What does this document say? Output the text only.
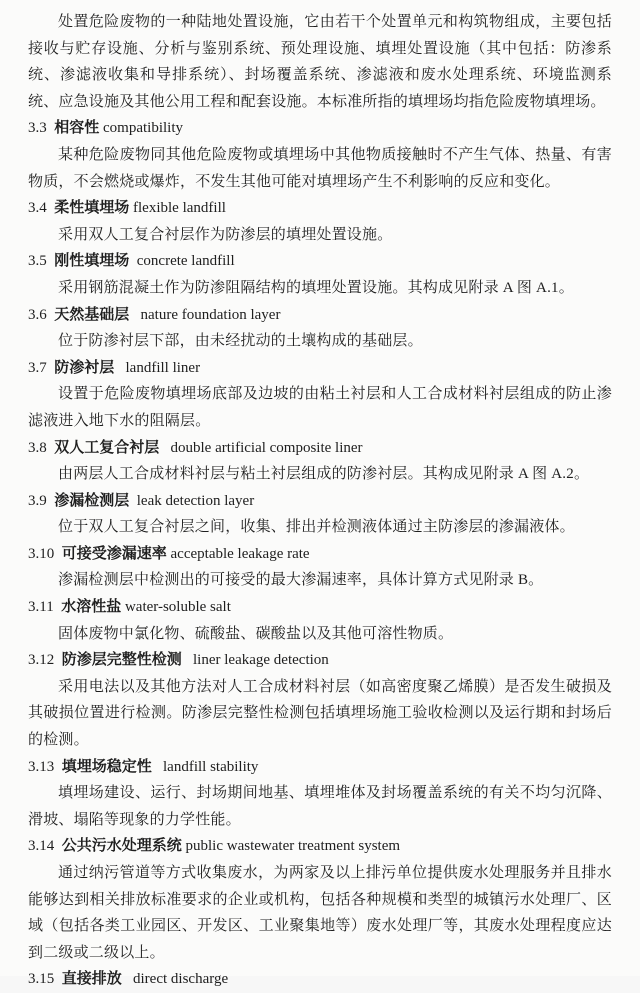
处置危险废物的一种陆地处置设施，它由若干个处置单元和构筑物组成，主要包括接收与贮存设施、分析与鉴别系统、预处理设施、填埋处置设施（其中包括：防渗系统、渗滤液收集和导排系统）、封场覆盖系统、渗滤液和废水处理系统、环境监测系统、应急设施及其他公用工程和配套设施。本标准所指的填埋场均指危险废物填埋场。

3.3 相容性 compatibility

某种危险废物同其他危险废物或填埋场中其他物质接触时不产生气体、热量、有害物质，不会燃烧或爆炸，不发生其他可能对填埋场产生不利影响的反应和变化。

3.4 柔性填埋场 flexible landfill

采用双人工复合衬层作为防渗层的填埋处置设施。

3.5 刚性填埋场  concrete landfill

采用钢筋混凝土作为防渗阻隔结构的填埋处置设施。其构成见附录 A 图 A.1。

3.6 天然基础层   nature foundation layer

位于防渗衬层下部，由未经扰动的土壤构成的基础层。

3.7 防渗衬层   landfill liner

设置于危险废物填埋场底部及边坡的由粘土衬层和人工合成材料衬层组成的防止渗滤液进入地下水的阻隔层。

3.8 双人工复合衬层   double artificial composite liner

由两层人工合成材料衬层与粘土衬层组成的防渗衬层。其构成见附录 A 图 A.2。

3.9 渗漏检测层  leak detection layer

位于双人工复合衬层之间，收集、排出并检测液体通过主防渗层的渗漏液体。

3.10 可接受渗漏速率 acceptable leakage rate

渗漏检测层中检测出的可接受的最大渗漏速率，具体计算方式见附录 B。

3.11 水溶性盐 water-soluble salt

固体废物中氯化物、硫酸盐、碳酸盐以及其他可溶性物质。

3.12 防渗层完整性检测   liner leakage detection

采用电法以及其他方法对人工合成材料衬层（如高密度聚乙烯膜）是否发生破损及其破损位置进行检测。防渗层完整性检测包括填埋场施工验收检测以及运行期和封场后的检测。

3.13 填埋场稳定性   landfill stability

填埋场建设、运行、封场期间地基、填埋堆体及封场覆盖系统的有关不均匀沉降、滑坡、塌陷等现象的力学性能。

3.14 公共污水处理系统 public wastewater treatment system

通过纳污管道等方式收集废水，为两家及以上排污单位提供废水处理服务并且排水能够达到相关排放标准要求的企业或机构，包括各种规模和类型的城镇污水处理厂、区域（包括各类工业园区、开发区、工业聚集地等）废水处理厂等，其废水处理程度应达到二级或二级以上。

3.15 直接排放   direct discharge
